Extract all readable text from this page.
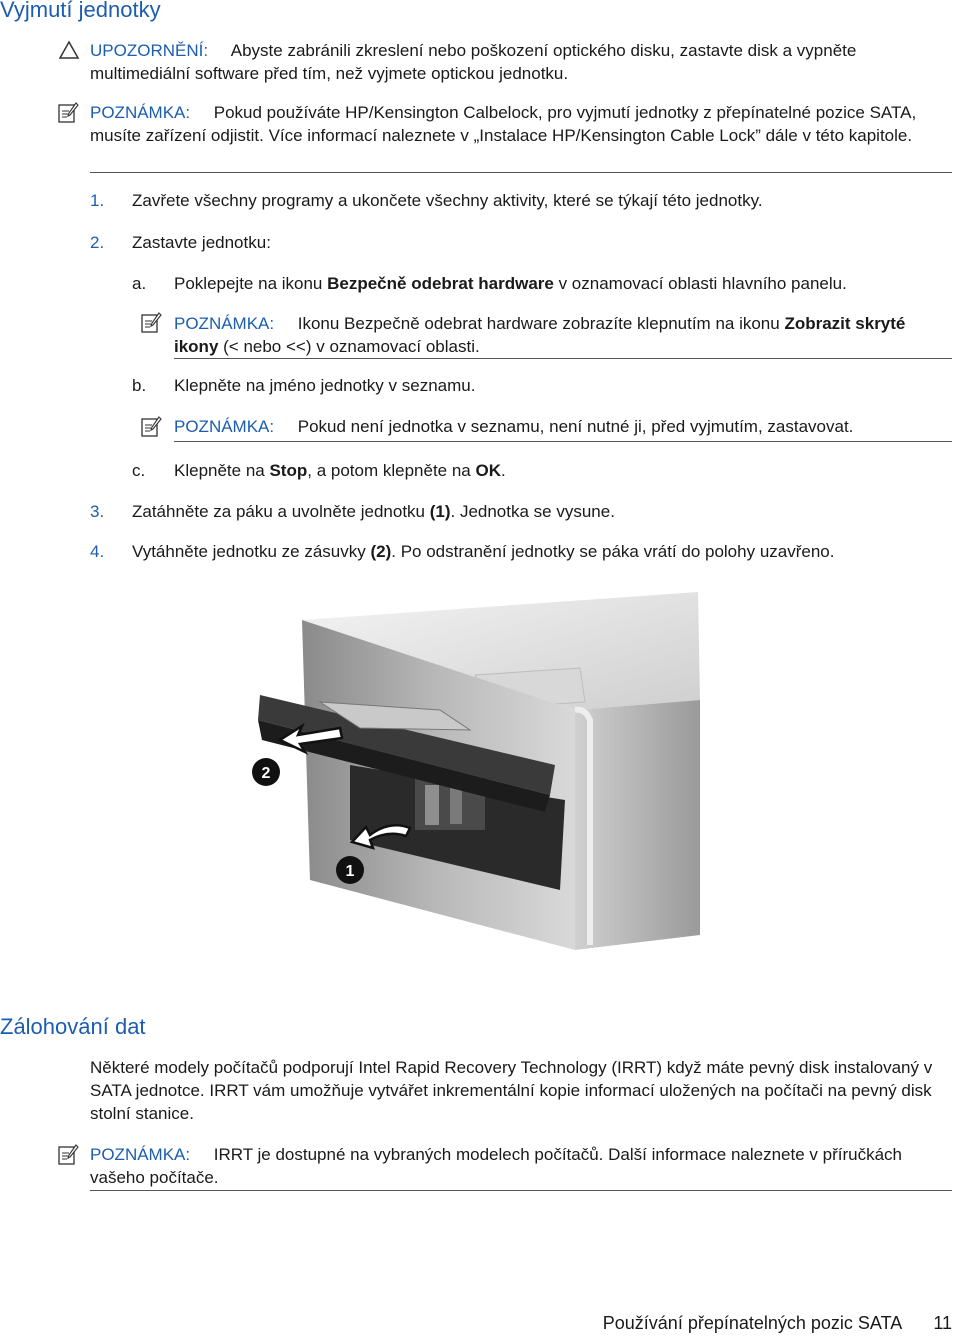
Vyjmutí jednotky
UPOZORNĚNÍ: Abyste zabránili zkreslení nebo poškození optického disku, zastavte disk a vypněte multimediální software před tím, než vyjmete optickou jednotku.
POZNÁMKA: Pokud používáte HP/Kensington Calbelock, pro vyjmutí jednotky z přepínatelné pozice SATA, musíte zařízení odjistit. Více informací naleznete v „Instalace HP/Kensington Cable Lock” dále v této kapitole.
1. Zavřete všechny programy a ukončete všechny aktivity, které se týkají této jednotky.
2. Zastavte jednotku:
a. Poklepejte na ikonu Bezpečně odebrat hardware v oznamovací oblasti hlavního panelu.
POZNÁMKA: Ikonu Bezpečně odebrat hardware zobrazíte klepnutím na ikonu Zobrazit skryté ikony (< nebo <<) v oznamovací oblasti.
b. Klepněte na jméno jednotky v seznamu.
POZNÁMKA: Pokud není jednotka v seznamu, není nutné ji, před vyjmutím, zastavovat.
c. Klepněte na Stop, a potom klepněte na OK.
3. Zatáhněte za páku a uvolněte jednotku (1). Jednotka se vysune.
4. Vytáhněte jednotku ze zásuvky (2). Po odstranění jednotky se páka vrátí do polohy uzavřeno.
2
1
Zálohování dat
Některé modely počítačů podporují Intel Rapid Recovery Technology (IRRT) když máte pevný disk instalovaný v SATA jednotce. IRRT vám umožňuje vytvářet inkrementální kopie informací uložených na počítači na pevný disk stolní stanice.
POZNÁMKA: IRRT je dostupné na vybraných modelech počítačů. Další informace naleznete v příručkách vašeho počítače.
Používání přepínatelných pozic SATA 11
